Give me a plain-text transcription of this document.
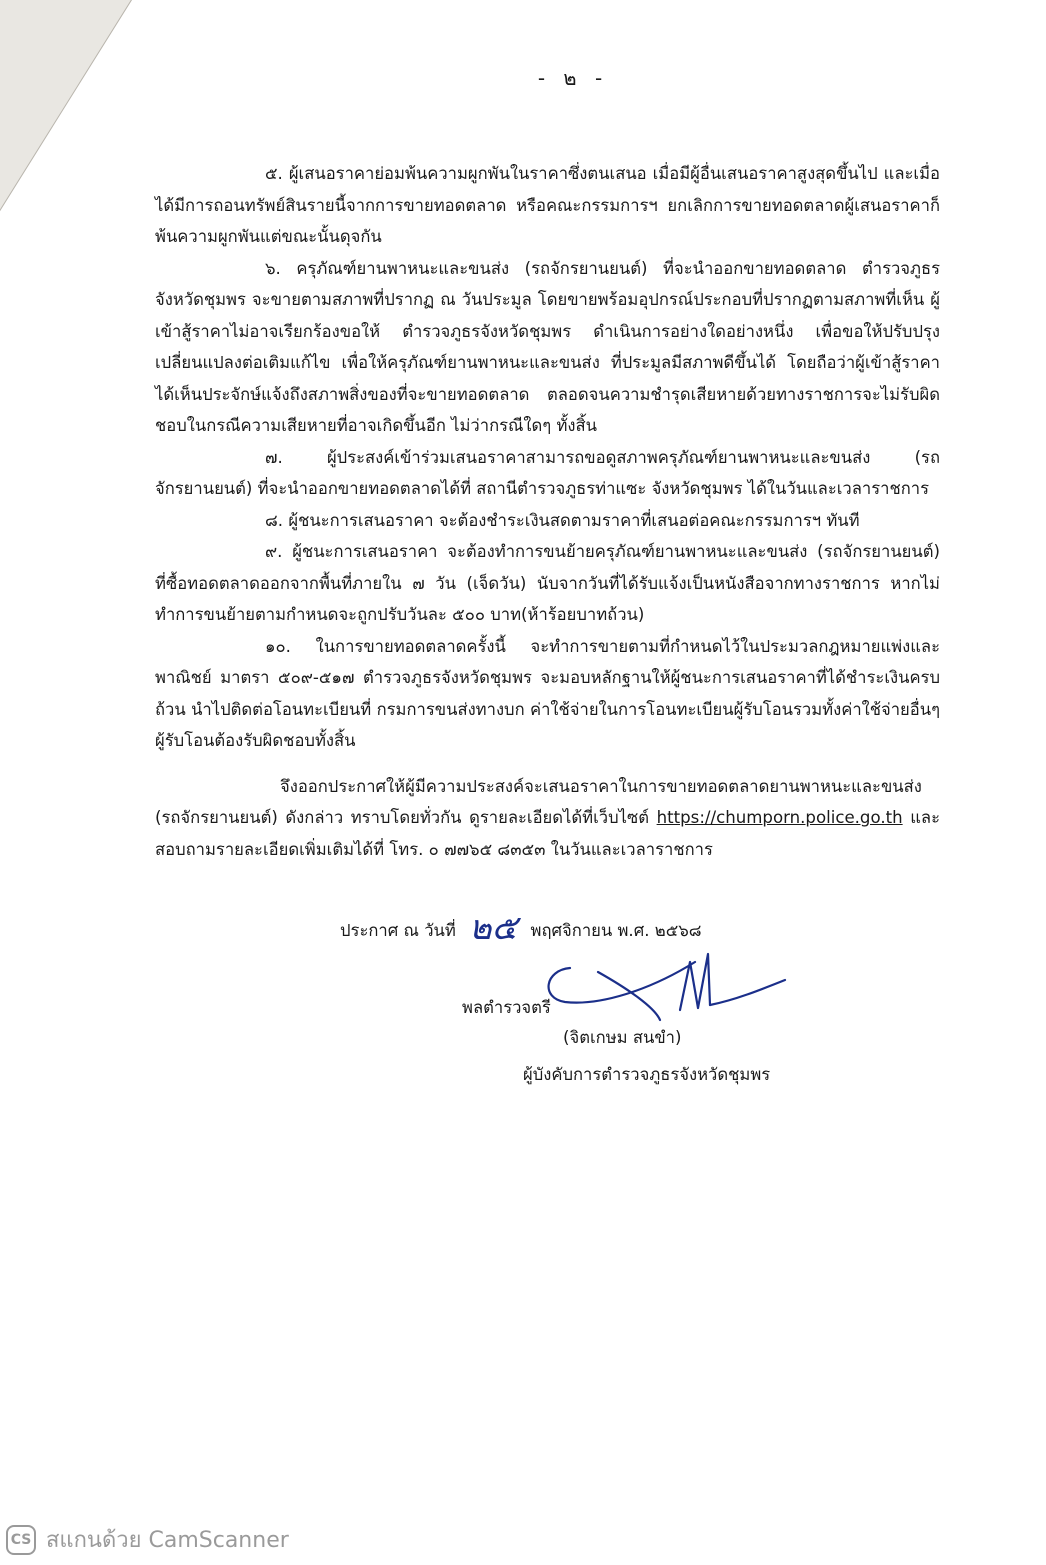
- ๒ -

๕. ผู้เสนอราคาย่อมพ้นความผูกพันในราคาซึ่งตนเสนอ เมื่อมีผู้อื่นเสนอราคาสูงสุดขึ้นไป และเมื่อได้มีการถอนทรัพย์สินรายนี้จากการขายทอดตลาด หรือคณะกรรมการฯ ยกเลิกการขายทอดตลาดผู้เสนอราคาก็พ้นความผูกพันแต่ขณะนั้นดุจกัน

๖. ครุภัณฑ์ยานพาหนะและขนส่ง (รถจักรยานยนต์) ที่จะนำออกขายทอดตลาด ตำรวจภูธรจังหวัดชุมพร จะขายตามสภาพที่ปรากฏ ณ วันประมูล โดยขายพร้อมอุปกรณ์ประกอบที่ปรากฏตามสภาพที่เห็น ผู้เข้าสู้ราคาไม่อาจเรียกร้องขอให้ ตำรวจภูธรจังหวัดชุมพร ดำเนินการอย่างใดอย่างหนึ่ง เพื่อขอให้ปรับปรุง เปลี่ยนแปลงต่อเติมแก้ไข เพื่อให้ครุภัณฑ์ยานพาหนะและขนส่ง ที่ประมูลมีสภาพดีขึ้นได้ โดยถือว่าผู้เข้าสู้ราคา ได้เห็นประจักษ์แจ้งถึงสภาพสิ่งของที่จะขายทอดตลาด ตลอดจนความชำรุดเสียหายด้วยทางราชการจะไม่รับผิดชอบในกรณีความเสียหายที่อาจเกิดขึ้นอีก ไม่ว่ากรณีใดๆ ทั้งสิ้น

๗. ผู้ประสงค์เข้าร่วมเสนอราคาสามารถขอดูสภาพครุภัณฑ์ยานพาหนะและขนส่ง (รถจักรยานยนต์) ที่จะนำออกขายทอดตลาดได้ที่ สถานีตำรวจภูธรท่าแซะ จังหวัดชุมพร ได้ในวันและเวลาราชการ

๘. ผู้ชนะการเสนอราคา จะต้องชำระเงินสดตามราคาที่เสนอต่อคณะกรรมการฯ ทันที

๙. ผู้ชนะการเสนอราคา จะต้องทำการขนย้ายครุภัณฑ์ยานพาหนะและขนส่ง (รถจักรยานยนต์) ที่ซื้อทอดตลาดออกจากพื้นที่ภายใน ๗ วัน (เจ็ดวัน) นับจากวันที่ได้รับแจ้งเป็นหนังสือจากทางราชการ หากไม่ทำการขนย้ายตามกำหนดจะถูกปรับวันละ ๕๐๐ บาท(ห้าร้อยบาทถ้วน)

๑๐. ในการขายทอดตลาดครั้งนี้ จะทำการขายตามที่กำหนดไว้ในประมวลกฎหมายแพ่งและพาณิชย์ มาตรา ๕๐๙-๕๑๗ ตำรวจภูธรจังหวัดชุมพร จะมอบหลักฐานให้ผู้ชนะการเสนอราคาที่ได้ชำระเงินครบถ้วน นำไปติดต่อโอนทะเบียนที่ กรมการขนส่งทางบก ค่าใช้จ่ายในการโอนทะเบียนผู้รับโอนรวมทั้งค่าใช้จ่ายอื่นๆ ผู้รับโอนต้องรับผิดชอบทั้งสิ้น

จึงออกประกาศให้ผู้มีความประสงค์จะเสนอราคาในการขายทอดตลาดยานพาหนะและขนส่ง (รถจักรยานยนต์) ดังกล่าว ทราบโดยทั่วกัน ดูรายละเอียดได้ที่เว็บไซต์ https://chumporn.police.go.th และสอบถามรายละเอียดเพิ่มเติมได้ที่ โทร. ๐ ๗๗๖๕ ๘๓๕๓ ในวันและเวลาราชการ

ประกาศ ณ วันที่ ๒๕ พฤศจิกายน พ.ศ. ๒๕๖๘
พลตำรวจตรี
(จิตเกษม สนขำ)
ผู้บังคับการตำรวจภูธรจังหวัดชุมพร
CS สแกนด้วย CamScanner
